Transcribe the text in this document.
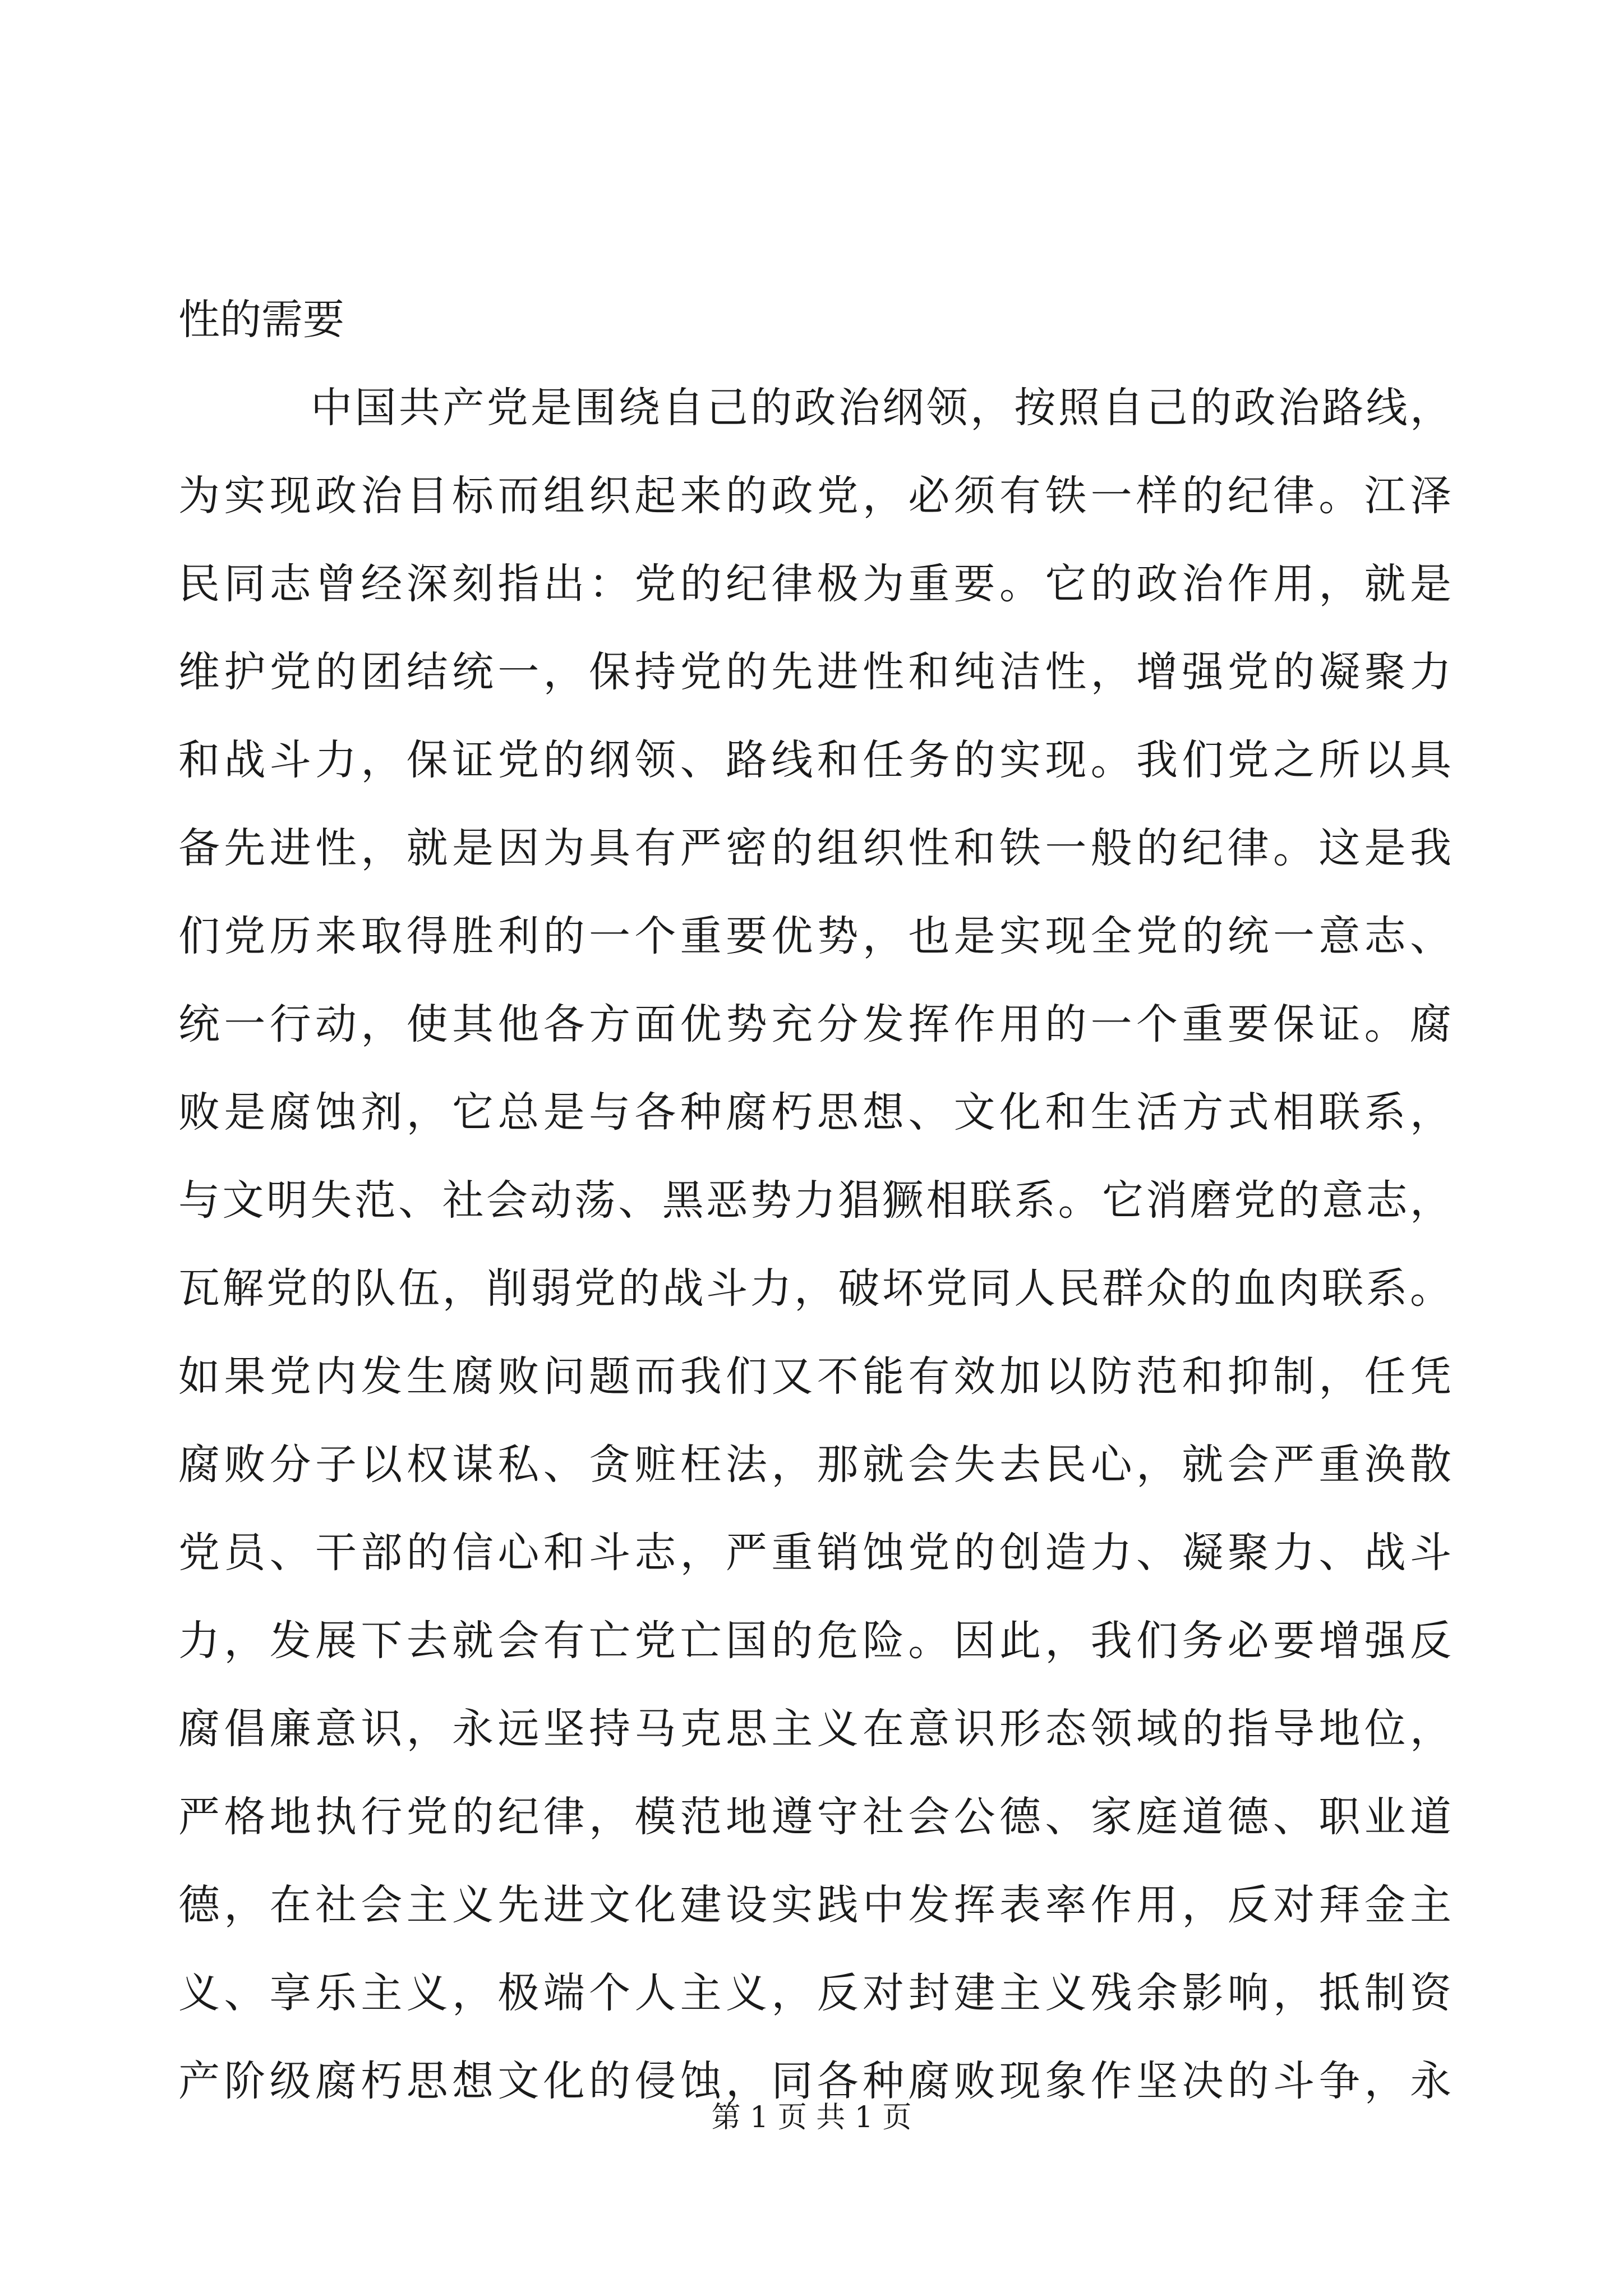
性的需要
中国共产党是围绕自己的政治纲领，按照自己的政治路线，
为实现政治目标而组织起来的政党，必须有铁一样的纪律。江泽
民同志曾经深刻指出：党的纪律极为重要。它的政治作用，就是
维护党的团结统一，保持党的先进性和纯洁性，增强党的凝聚力
和战斗力，保证党的纲领、路线和任务的实现。我们党之所以具
备先进性，就是因为具有严密的组织性和铁一般的纪律。这是我
们党历来取得胜利的一个重要优势，也是实现全党的统一意志、
统一行动，使其他各方面优势充分发挥作用的一个重要保证。腐
败是腐蚀剂，它总是与各种腐朽思想、文化和生活方式相联系，
与文明失范、社会动荡、黑恶势力猖獗相联系。它消磨党的意志，
瓦解党的队伍，削弱党的战斗力，破坏党同人民群众的血肉联系。
如果党内发生腐败问题而我们又不能有效加以防范和抑制，任凭
腐败分子以权谋私、贪赃枉法，那就会失去民心，就会严重涣散
党员、干部的信心和斗志，严重销蚀党的创造力、凝聚力、战斗
力，发展下去就会有亡党亡国的危险。因此，我们务必要增强反
腐倡廉意识，永远坚持马克思主义在意识形态领域的指导地位，
严格地执行党的纪律，模范地遵守社会公德、家庭道德、职业道
德，在社会主义先进文化建设实践中发挥表率作用，反对拜金主
义、享乐主义，极端个人主义，反对封建主义残余影响，抵制资
产阶级腐朽思想文化的侵蚀，同各种腐败现象作坚决的斗争，永
第 1 页 共 1 页
